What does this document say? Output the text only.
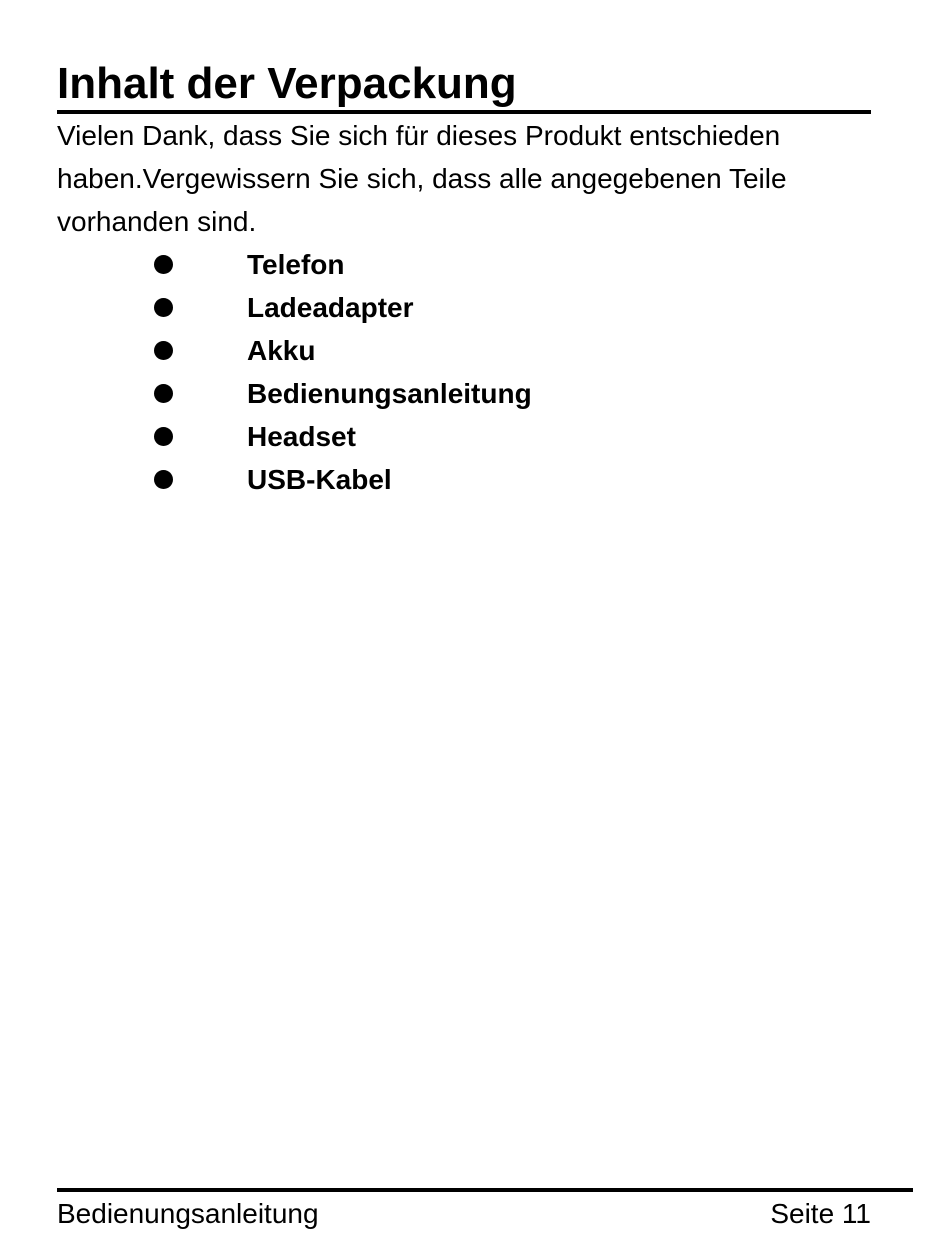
Inhalt der Verpackung

Vielen Dank, dass Sie sich für dieses Produkt entschieden haben.Vergewissern Sie sich, dass alle angegebenen Teile vorhanden sind.

Telefon
Ladeadapter
Akku
Bedienungsanleitung
Headset
USB-Kabel
Bedienungsanleitung	Seite 11
